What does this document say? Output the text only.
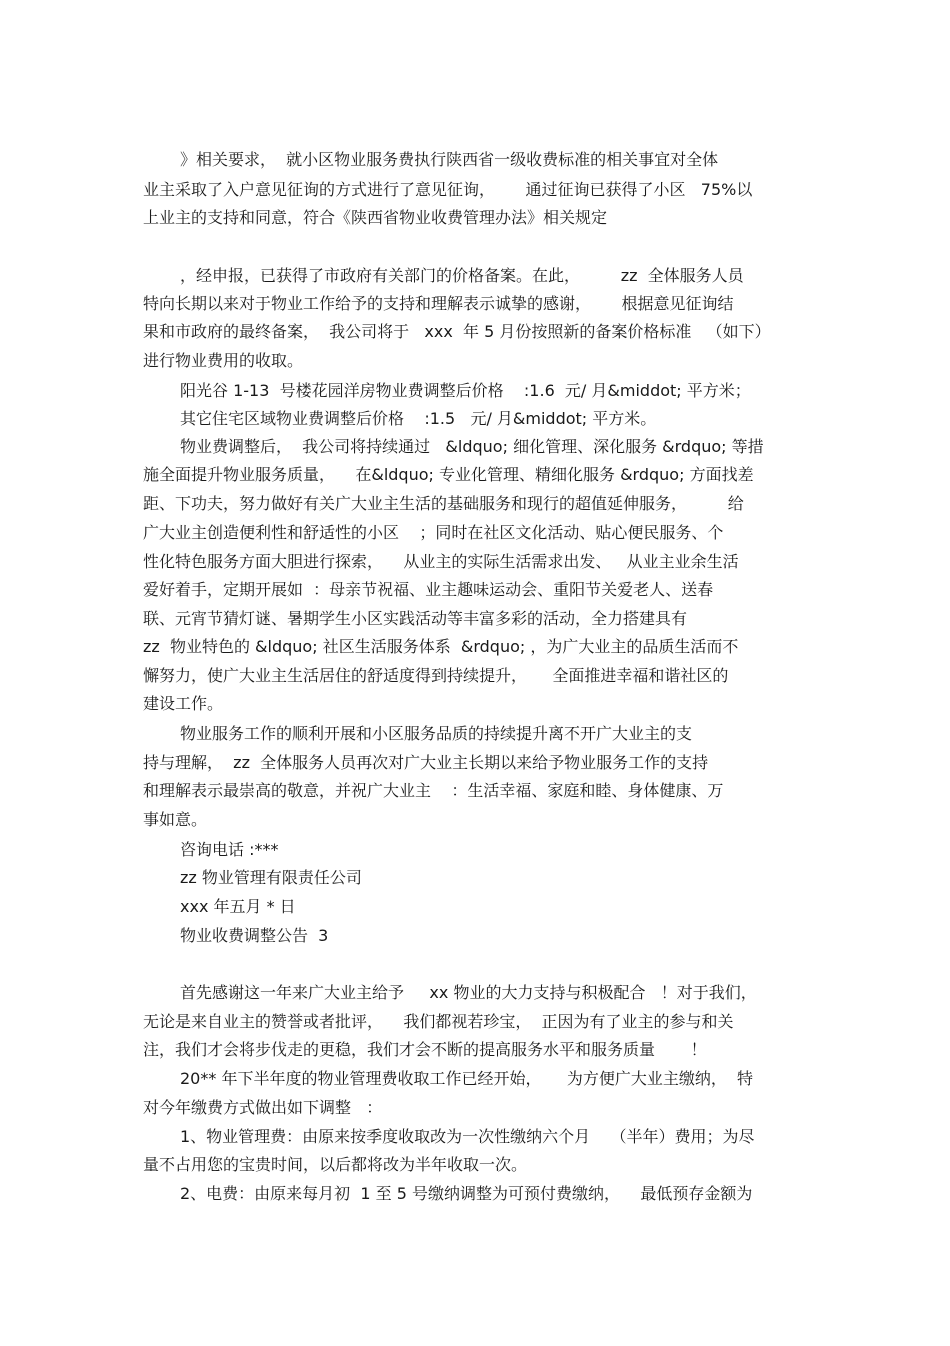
》相关要求，  就小区物业服务费执行陕西省一级收费标准的相关事宜对全体

业主采取了入户意见征询的方式进行了意见征询，      通过征询已获得了小区   75%以

上业主的支持和同意，符合《陕西省物业收费管理办法》相关规定

，经申报，已获得了市政府有关部门的价格备案。在此，        zz  全体服务人员

特向长期以来对于物业工作给予的支持和理解表示诚挚的感谢，      根据意见征询结

果和市政府的最终备案，  我公司将于   xxx  年 5 月份按照新的备案价格标准   （如下）

进行物业费用的收取。

阳光谷 1-13  号楼花园洋房物业费调整后价格    :1.6  元/ 月&middot; 平方米；

其它住宅区域物业费调整后价格    :1.5   元/ 月&middot; 平方米。

物业费调整后，  我公司将持续通过   &ldquo; 细化管理、深化服务 &rdquo; 等措

施全面提升物业服务质量，    在&ldquo; 专业化管理、精细化服务 &rdquo; 方面找差

距、下功夫，努力做好有关广大业主生活的基础服务和现行的超值延伸服务，        给

广大业主创造便利性和舒适性的小区    ；同时在社区文化活动、贴心便民服务、个

性化特色服务方面大胆进行探索，    从业主的实际生活需求出发、   从业主业余生活

爱好着手，定期开展如  ：母亲节祝福、业主趣味运动会、重阳节关爱老人、送春

联、元宵节猜灯谜、暑期学生小区实践活动等丰富多彩的活动，全力搭建具有

zz  物业特色的 &ldquo; 社区生活服务体系  &rdquo; ，为广大业主的品质生活而不

懈努力，使广大业主生活居住的舒适度得到持续提升，     全面推进幸福和谐社区的

建设工作。

物业服务工作的顺利开展和小区服务品质的持续提升离不开广大业主的支

持与理解，  zz  全体服务人员再次对广大业主长期以来给予物业服务工作的支持

和理解表示最崇高的敬意，并祝广大业主    ：生活幸福、家庭和睦、身体健康、万

事如意。

咨询电话 :***

zz 物业管理有限责任公司

xxx 年五月 * 日

物业收费调整公告  3

首先感谢这一年来广大业主给予     xx 物业的大力支持与积极配合   ！对于我们，

无论是来自业主的赞誉或者批评，    我们都视若珍宝，  正因为有了业主的参与和关

注，我们才会将步伐走的更稳，我们才会不断的提高服务水平和服务质量       ！

20** 年下半年度的物业管理费收取工作已经开始，     为方便广大业主缴纳，  特

对今年缴费方式做出如下调整   ：

1、物业管理费：由原来按季度收取改为一次性缴纳六个月    （半年）费用；为尽

量不占用您的宝贵时间，以后都将改为半年收取一次。

2、电费：由原来每月初  1 至 5 号缴纳调整为可预付费缴纳，    最低预存金额为
